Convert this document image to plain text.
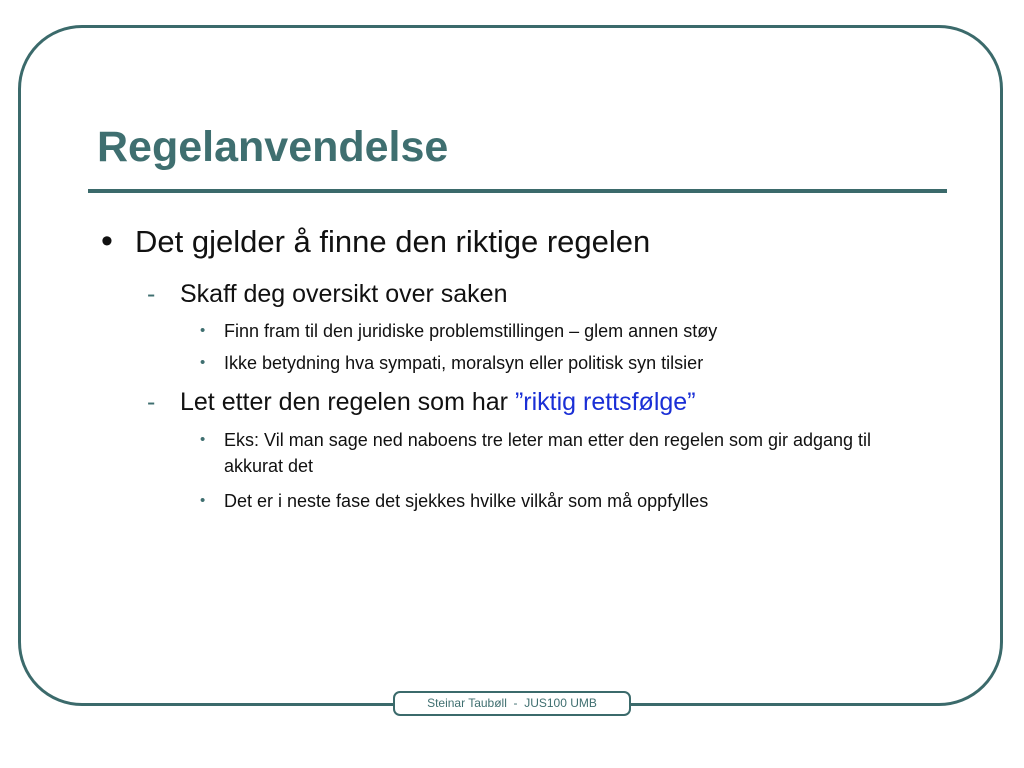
Regelanvendelse
• Det gjelder å finne den riktige regelen
- Skaff deg oversikt over saken
• Finn fram til den juridiske problemstillingen – glem annen støy
• Ikke betydning hva sympati, moralsyn eller politisk syn tilsier
- Let etter den regelen som har ”riktig rettsfølge”
• Eks: Vil man sage ned naboens tre leter man etter den regelen som gir adgang til akkurat det
• Det er i neste fase det sjekkes hvilke vilkår som må oppfylles
Steinar Taubøll  -  JUS100 UMB
